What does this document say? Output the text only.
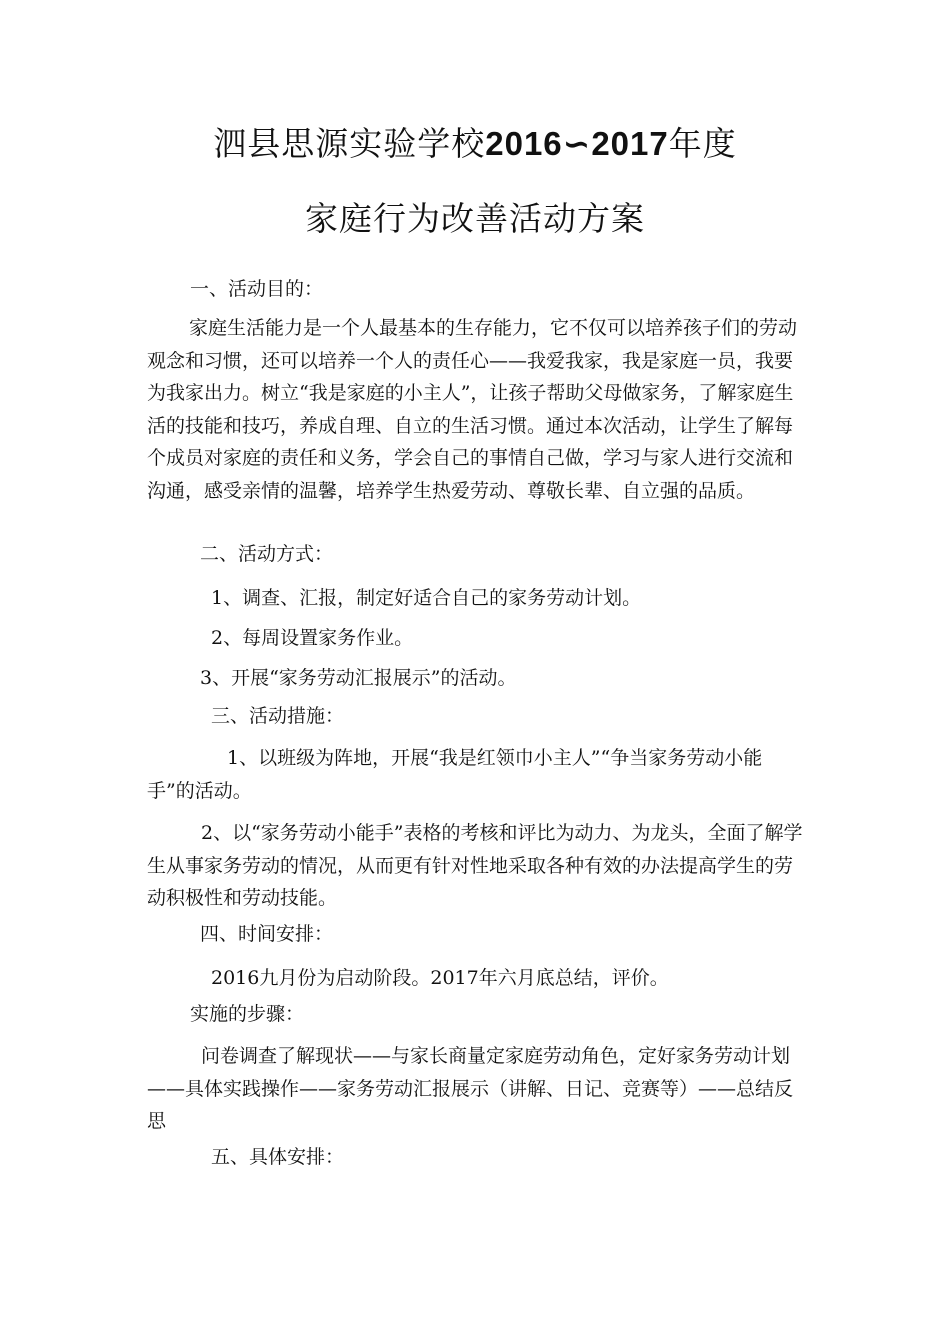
泗县思源实验学校2016∽2017年度
家庭行为改善活动方案
一、活动目的：
家庭生活能力是一个人最基本的生存能力，它不仅可以培养孩子们的劳动观念和习惯，还可以培养一个人的责任心——我爱我家，我是家庭一员，我要为我家出力。树立“我是家庭的小主人”，让孩子帮助父母做家务，了解家庭生活的技能和技巧，养成自理、自立的生活习惯。通过本次活动，让学生了解每个成员对家庭的责任和义务，学会自己的事情自己做，学习与家人进行交流和沟通，感受亲情的温馨，培养学生热爱劳动、尊敬长辈、自立强的品质。
二、活动方式：
1、调查、汇报，制定好适合自己的家务劳动计划。
2、每周设置家务作业。
3、开展“家务劳动汇报展示”的活动。
三、活动措施：
1、以班级为阵地，开展“我是红领巾小主人”“争当家务劳动小能手”的活动。
2、以“家务劳动小能手”表格的考核和评比为动力、为龙头，全面了解学生从事家务劳动的情况，从而更有针对性地采取各种有效的办法提高学生的劳动积极性和劳动技能。
四、时间安排：
2016九月份为启动阶段。2017年六月底总结，评价。
实施的步骤：
问卷调查了解现状——与家长商量定家庭劳动角色，定好家务劳动计划——具体实践操作——家务劳动汇报展示（讲解、日记、竞赛等）——总结反思
五、具体安排：
